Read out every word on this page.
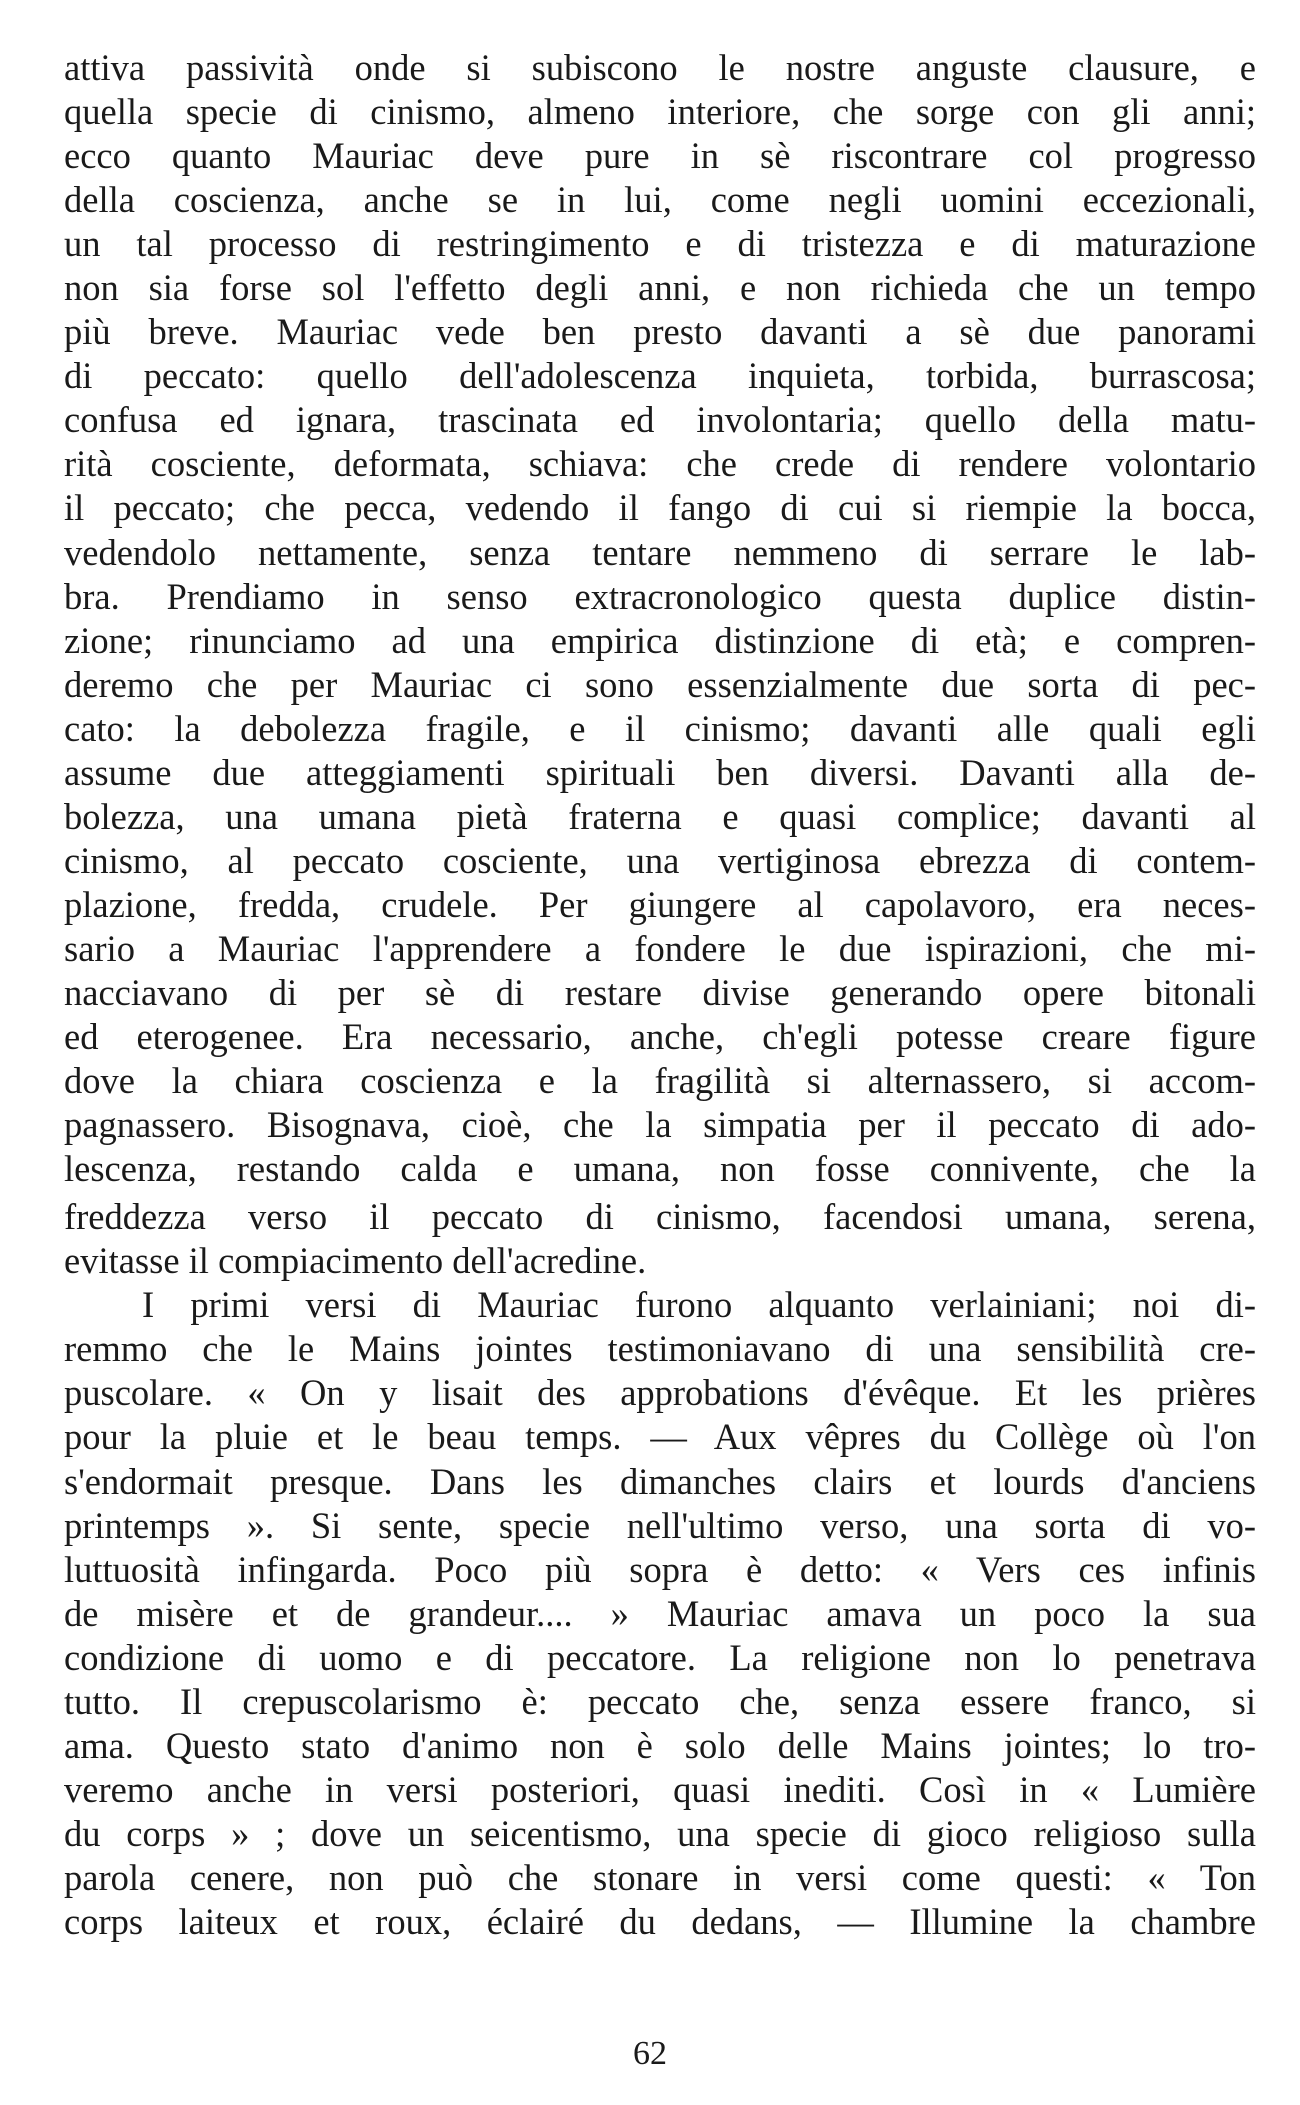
attiva passività onde si subiscono le nostre anguste clausure, e
quella specie di cinismo, almeno interiore, che sorge con gli anni;
ecco quanto Mauriac deve pure in sè riscontrare col progresso
della coscienza, anche se in lui, come negli uomini eccezionali,
un tal processo di restringimento e di tristezza e di maturazione
non sia forse sol l'effetto degli anni, e non richieda che un tempo
più breve. Mauriac vede ben presto davanti a sè due panorami
di peccato: quello dell'adolescenza inquieta, torbida, burrascosa;
confusa ed ignara, trascinata ed involontaria; quello della matu-
rità cosciente, deformata, schiava: che crede di rendere volontario
il peccato; che pecca, vedendo il fango di cui si riempie la bocca,
vedendolo nettamente, senza tentare nemmeno di serrare le lab-
bra. Prendiamo in senso extracronologico questa duplice distin-
zione; rinunciamo ad una empirica distinzione di età; e compren-
deremo che per Mauriac ci sono essenzialmente due sorta di pec-
cato: la debolezza fragile, e il cinismo; davanti alle quali egli
assume due atteggiamenti spirituali ben diversi. Davanti alla de-
bolezza, una umana pietà fraterna e quasi complice; davanti al
cinismo, al peccato cosciente, una vertiginosa ebrezza di contem-
plazione, fredda, crudele. Per giungere al capolavoro, era neces-
sario a Mauriac l'apprendere a fondere le due ispirazioni, che mi-
nacciavano di per sè di restare divise generando opere bitonali
ed eterogenee. Era necessario, anche, ch'egli potesse creare figure
dove la chiara coscienza e la fragilità si alternassero, si accom-
pagnassero. Bisognava, cioè, che la simpatia per il peccato di ado-
lescenza, restando calda e umana, non fosse connivente, che la
freddezza verso il peccato di cinismo, facendosi umana, serena,
evitasse il compiacimento dell'acredine.
I primi versi di Mauriac furono alquanto verlainiani; noi di-
remmo che le Mains jointes testimoniavano di una sensibilità cre-
puscolare. « On y lisait des approbations d'évêque. Et les prières
pour la pluie et le beau temps. — Aux vêpres du Collège où l'on
s'endormait presque. Dans les dimanches clairs et lourds d'anciens
printemps ». Si sente, specie nell'ultimo verso, una sorta di vo-
luttuosità infingarda. Poco più sopra è detto: « Vers ces infinis
de misère et de grandeur.... » Mauriac amava un poco la sua
condizione di uomo e di peccatore. La religione non lo penetrava
tutto. Il crepuscolarismo è: peccato che, senza essere franco, si
ama. Questo stato d'animo non è solo delle Mains jointes; lo tro-
veremo anche in versi posteriori, quasi inediti. Così in « Lumière
du corps » ; dove un seicentismo, una specie di gioco religioso sulla
parola cenere, non può che stonare in versi come questi: « Ton
corps laiteux et roux, éclairé du dedans, — Illumine la chambre
62
